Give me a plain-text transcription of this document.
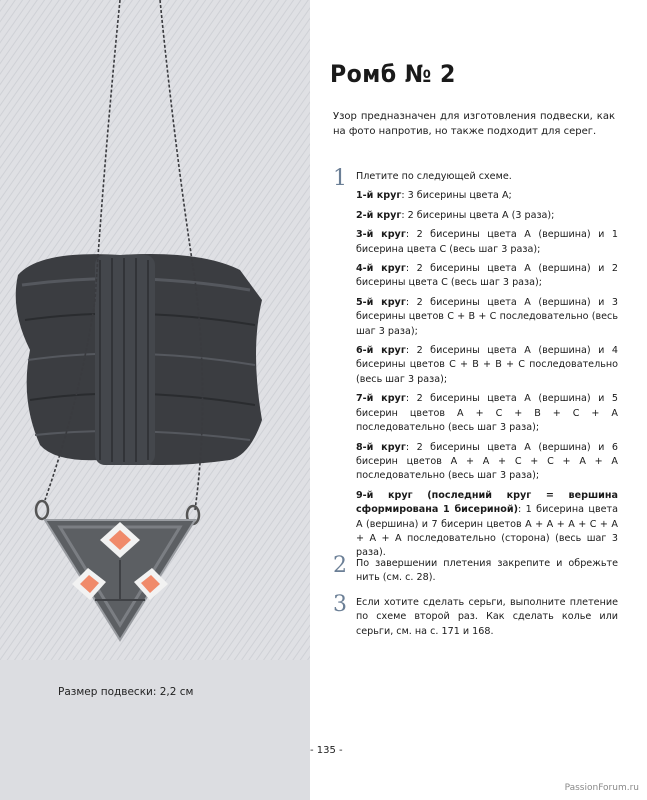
Размер подвески: 2,2 см
Ромб № 2
Узор предназначен для изготовления подвески, как на фото напротив, но также подходит для серег.
1 Плетите по следующей схеме.
1-й круг: 3 бисерины цвета А;
2-й круг: 2 бисерины цвета А (3 раза);
3-й круг: 2 бисерины цвета А (вершина) и 1 бисерина цвета С (весь шаг 3 раза);
4-й круг: 2 бисерины цвета А (вершина) и 2 бисерины цвета С (весь шаг 3 раза);
5-й круг: 2 бисерины цвета А (вершина) и 3 бисерины цветов С + В + С последовательно (весь шаг 3 раза);
6-й круг: 2 бисерины цвета А (вершина) и 4 бисерины цветов С + В + В + С последовательно (весь шаг 3 раза);
7-й круг: 2 бисерины цвета А (вершина) и 5 бисерин цветов А + С + В + С + А последовательно (весь шаг 3 раза);
8-й круг: 2 бисерины цвета А (вершина) и 6 бисерин цветов А + А + С + С + А + А последовательно (весь шаг 3 раза);
9-й круг (последний круг = вершина сформирована 1 бисериной): 1 бисерина цвета А (вершина) и 7 бисерин цветов А + А + А + С + А + А + А последовательно (сторона) (весь шаг 3 раза).
2 По завершении плетения закрепите и обрежьте нить (см. с. 28).
3 Если хотите сделать серьги, выполните плетение по схеме второй раз. Как сделать колье или серьги, см. на с. 171 и 168.
- 135 -
PassionForum.ru
